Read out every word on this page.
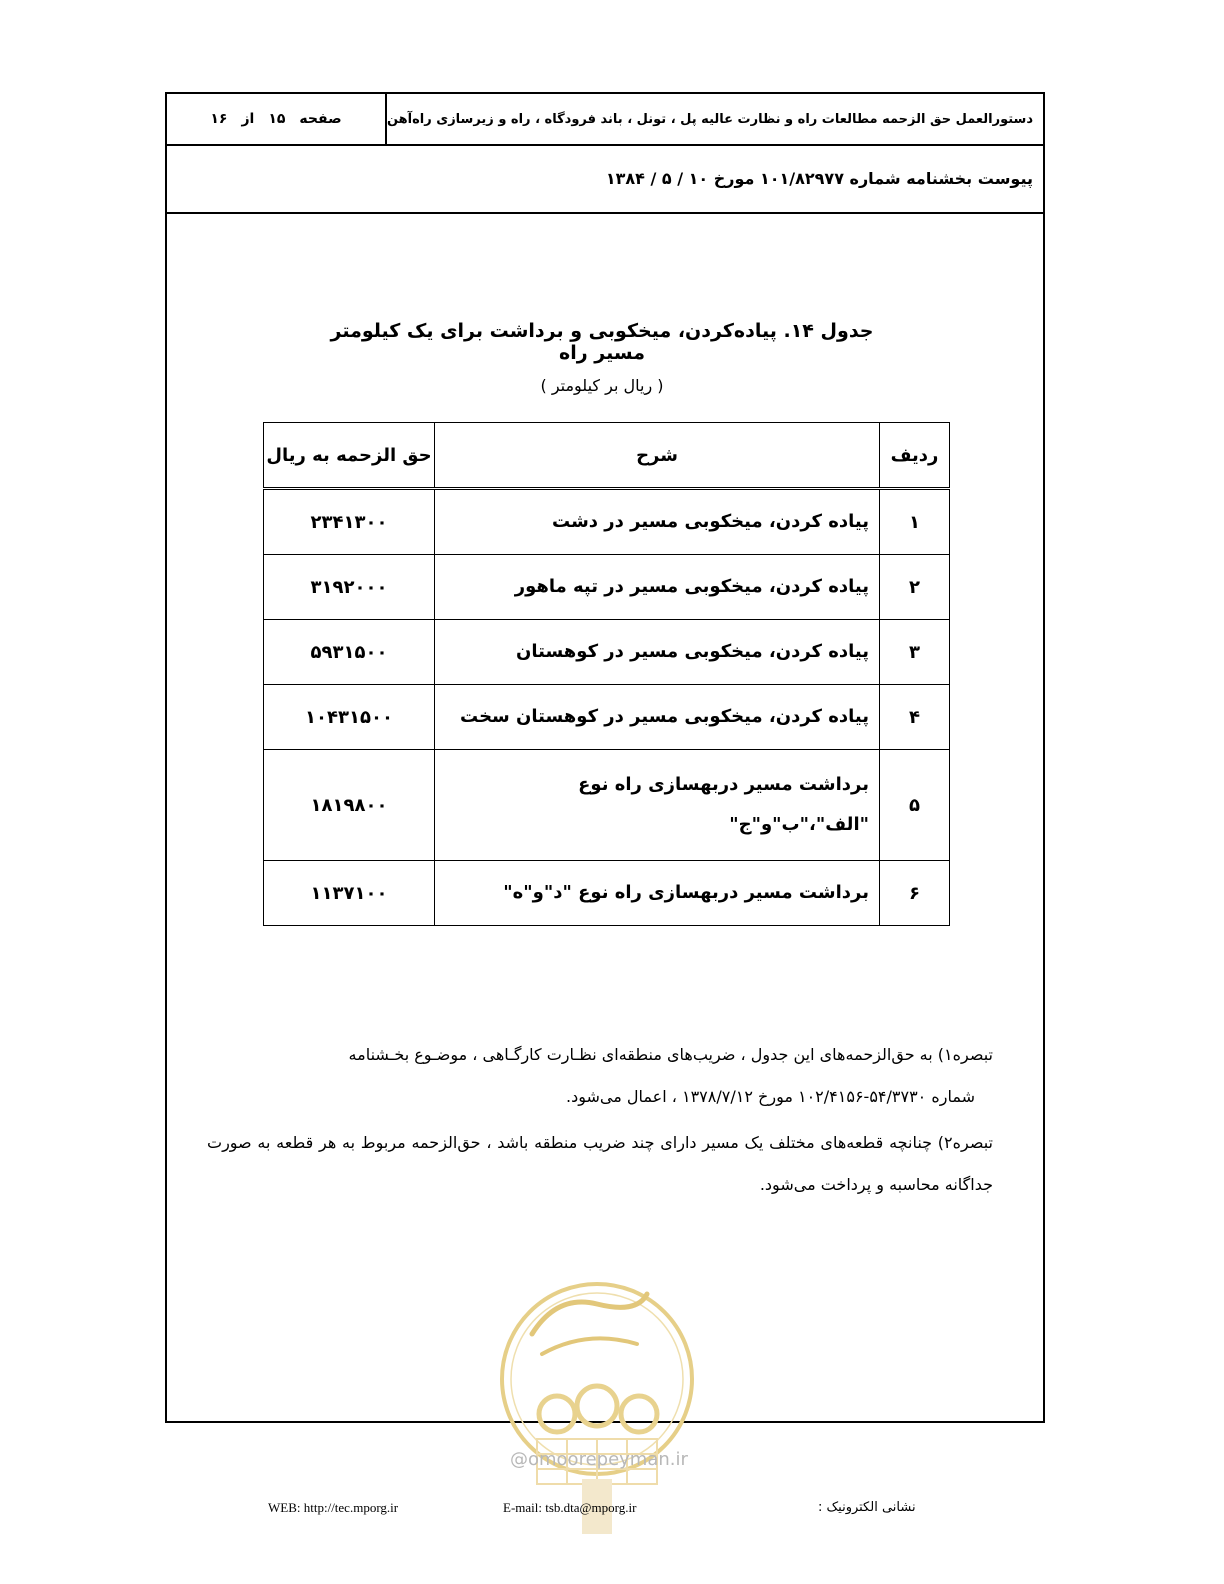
دستورالعمل حق الزحمه مطالعات راه و نظارت عالیه پل ، تونل ، باند فرودگاه ، راه و زیرسازی راه‌آهن
صفحه
۱۵
از
۱۶
پیوست بخشنامه شماره ۱۰۱/۸۲۹۷۷ مورخ ۱۰ / ۵ / ۱۳۸۴
جدول ۱۴. پیاده‌کردن، میخکوبی و برداشت برای یک کیلومتر مسیر راه
( ریال بر کیلومتر )
ردیف	شرح	حق الزحمه به ریال
۱	پیاده کردن، میخکوبی مسیر در دشت	۲۳۴۱۳۰۰
۲	پیاده کردن، میخکوبی مسیر در تپه ماهور	۳۱۹۲۰۰۰
۳	پیاده کردن، میخکوبی مسیر در کوهستان	۵۹۳۱۵۰۰
۴	پیاده کردن، میخکوبی مسیر در کوهستان سخت	۱۰۴۳۱۵۰۰
۵	برداشت مسیر دربهسازی راه نوع
"الف"،"ب"و"ج"	۱۸۱۹۸۰۰
۶	برداشت مسیر دربهسازی راه نوع "د"و"ه"	۱۱۳۷۱۰۰

تبصره۱) به حق‌الزحمه‌های این جدول ، ضریب‌های منطقه‌ای نظـارت کارگـاهی ، موضـوع بخـشنامه
شماره ۵۴/۳۷۳۰-۱۰۲/۴۱۵۶ مورخ ۱۳۷۸/۷/۱۲ ، اعمال می‌شود.

تبصره۲) چنانچه قطعه‌های مختلف یک مسیر دارای چند ضریب منطقه باشد ، حق‌الزحمه مربوط به هر قطعه به صورت جداگانه محاسبه و پرداخت می‌شود.

@omoorepeyman.ir
WEB: http://tec.mporg.ir	E-mail: tsb.dta@mporg.ir	نشانی الکترونیک :
